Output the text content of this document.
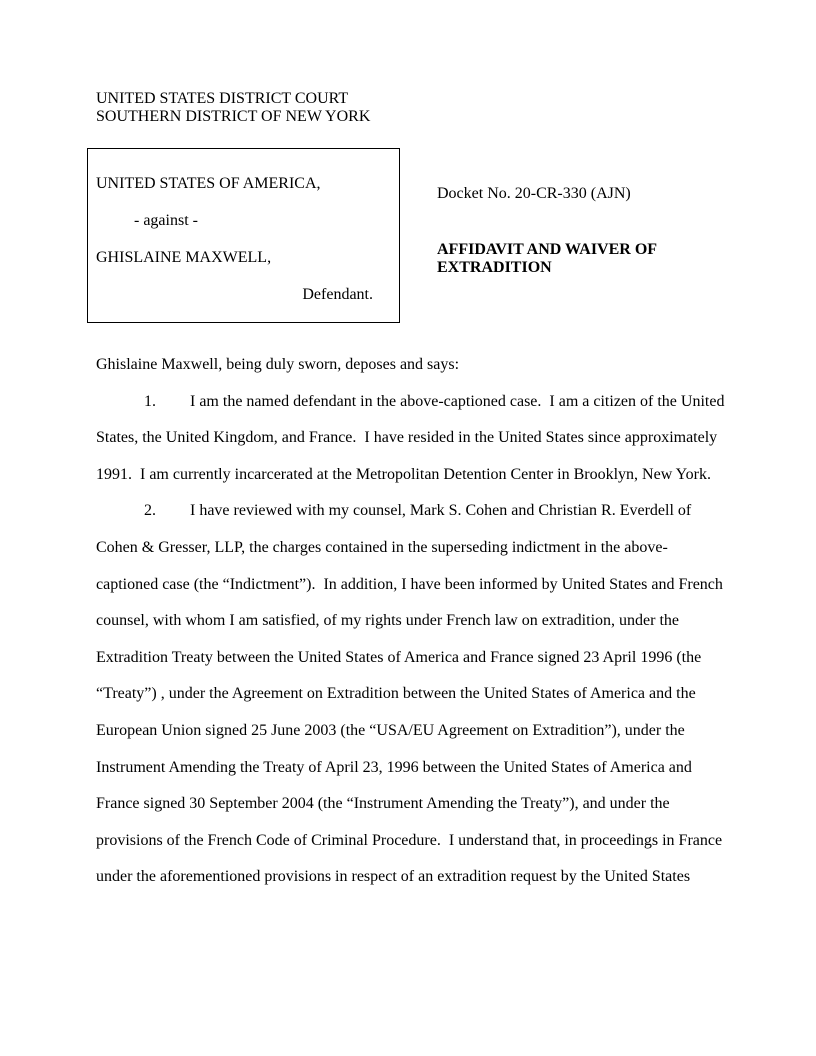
UNITED STATES DISTRICT COURT
SOUTHERN DISTRICT OF NEW YORK
UNITED STATES OF AMERICA,
- against -
GHISLAINE MAXWELL,
Defendant.
Docket No. 20-CR-330 (AJN)
AFFIDAVIT AND WAIVER OF EXTRADITION

Ghislaine Maxwell, being duly sworn, deposes and says:

1. I am the named defendant in the above-captioned case.  I am a citizen of the United States, the United Kingdom, and France.  I have resided in the United States since approximately 1991.  I am currently incarcerated at the Metropolitan Detention Center in Brooklyn, New York.

2. I have reviewed with my counsel, Mark S. Cohen and Christian R. Everdell of Cohen & Gresser, LLP, the charges contained in the superseding indictment in the above-captioned case (the “Indictment”).  In addition, I have been informed by United States and French counsel, with whom I am satisfied, of my rights under French law on extradition, under the Extradition Treaty between the United States of America and France signed 23 April 1996 (the “Treaty”) , under the Agreement on Extradition between the United States of America and the European Union signed 25 June 2003 (the “USA/EU Agreement on Extradition”), under the Instrument Amending the Treaty of April 23, 1996 between the United States of America and France signed 30 September 2004 (the “Instrument Amending the Treaty”), and under the provisions of the French Code of Criminal Procedure.  I understand that, in proceedings in France under the aforementioned provisions in respect of an extradition request by the United States
